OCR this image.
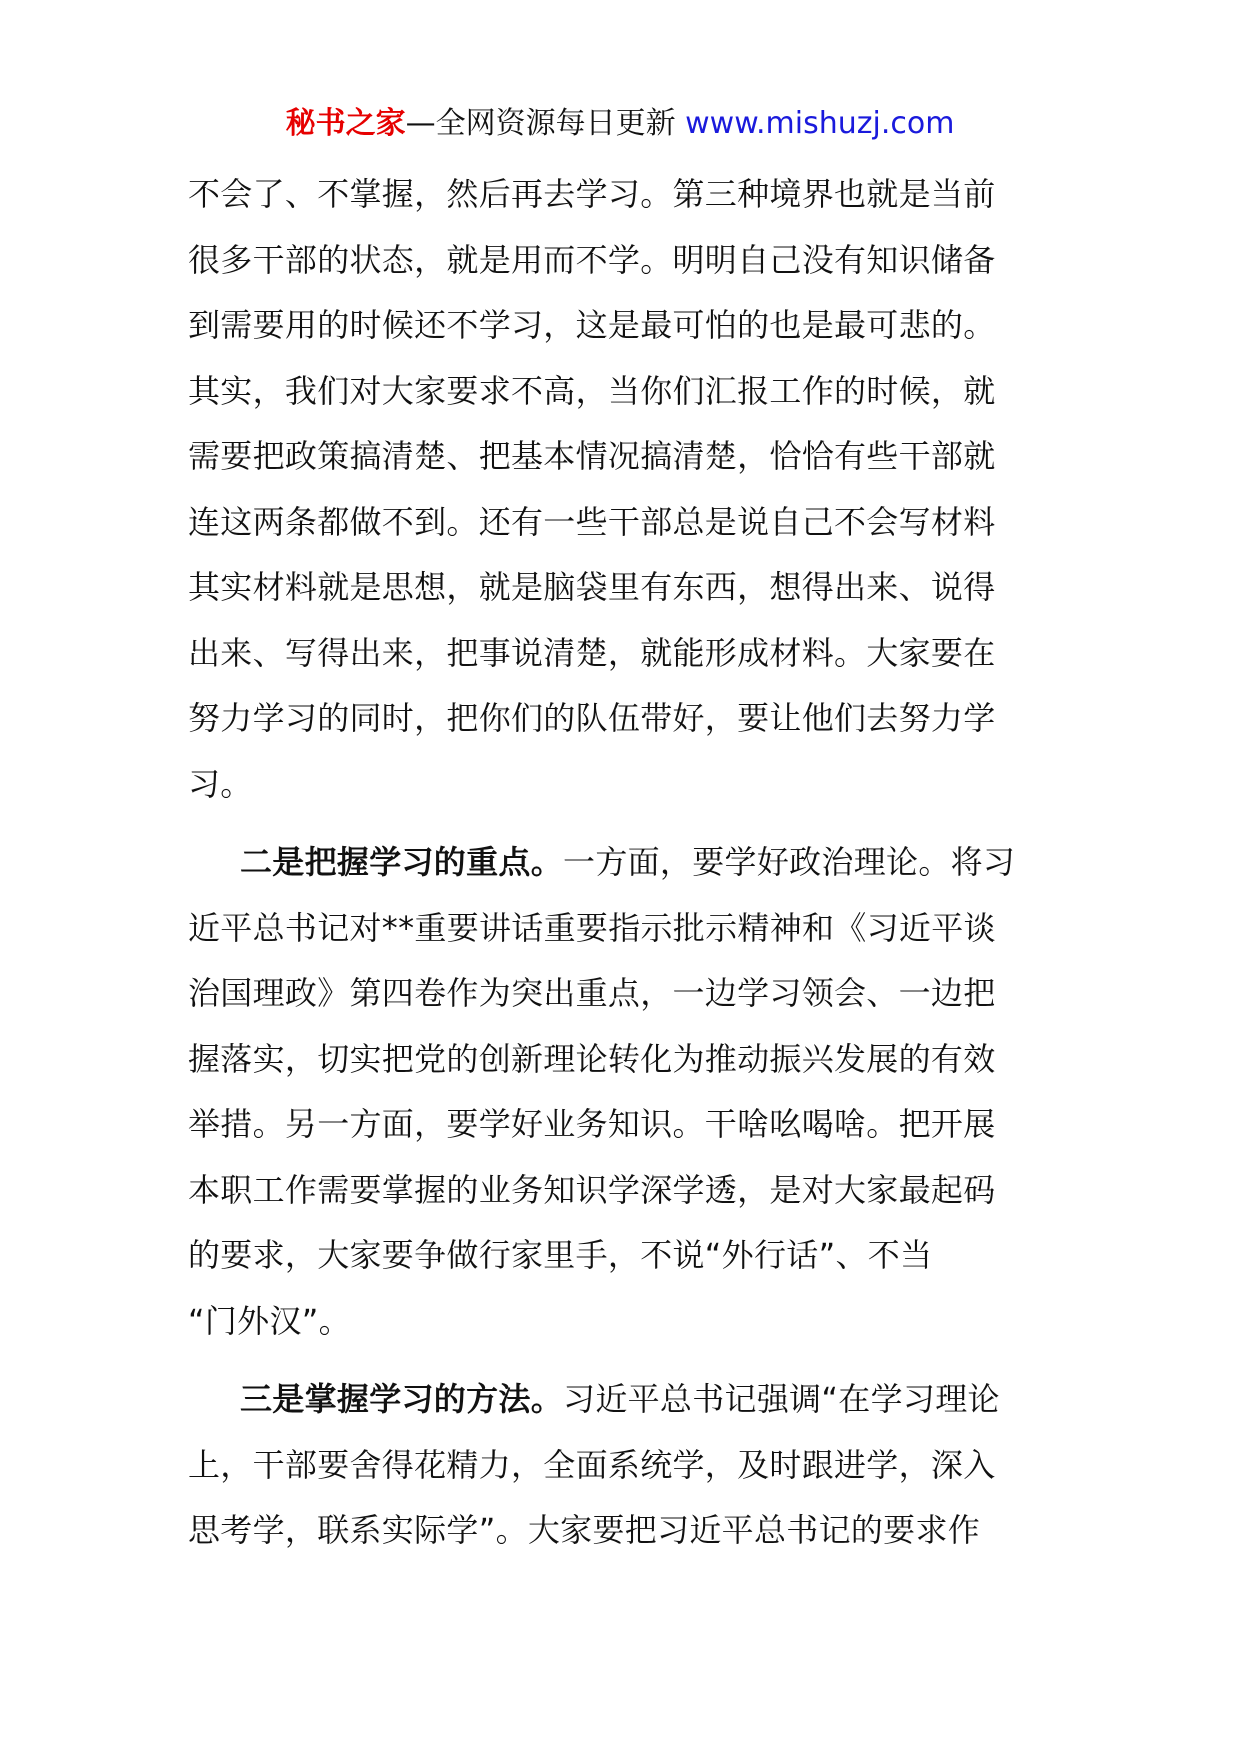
秘书之家—全网资源每日更新 www.mishuzj.com
不会了、不掌握，然后再去学习。第三种境界也就是当前
很多干部的状态，就是用而不学。明明自己没有知识储备
到需要用的时候还不学习，这是最可怕的也是最可悲的。
其实，我们对大家要求不高，当你们汇报工作的时候，就
需要把政策搞清楚、把基本情况搞清楚，恰恰有些干部就
连这两条都做不到。还有一些干部总是说自己不会写材料
其实材料就是思想，就是脑袋里有东西，想得出来、说得
出来、写得出来，把事说清楚，就能形成材料。大家要在
努力学习的同时，把你们的队伍带好，要让他们去努力学
习。
二是把握学习的重点。一方面，要学好政治理论。将习
近平总书记对**重要讲话重要指示批示精神和《习近平谈
治国理政》第四卷作为突出重点，一边学习领会、一边把
握落实，切实把党的创新理论转化为推动振兴发展的有效
举措。另一方面，要学好业务知识。干啥吆喝啥。把开展
本职工作需要掌握的业务知识学深学透，是对大家最起码
的要求，大家要争做行家里手，不说“外行话”、不当
“门外汉”。
三是掌握学习的方法。习近平总书记强调“在学习理论
上，干部要舍得花精力，全面系统学，及时跟进学，深入
思考学，联系实际学”。大家要把习近平总书记的要求作
